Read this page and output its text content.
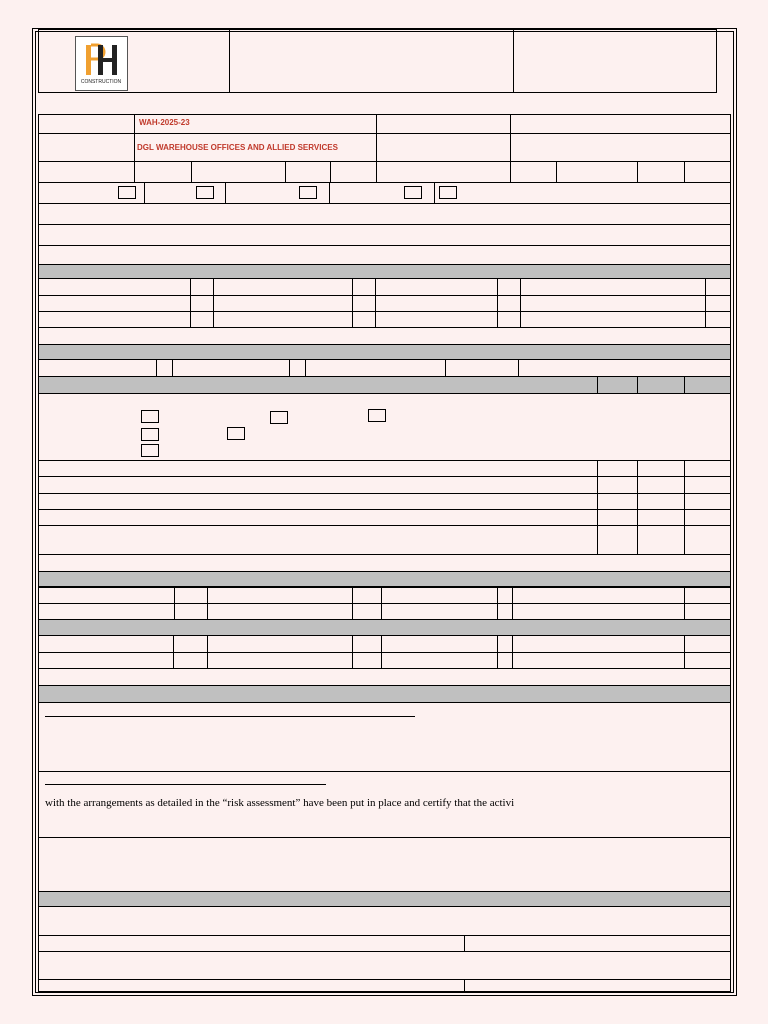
CONSTRUCTION
WAH-2025-23
DGL WAREHOUSE OFFICES AND ALLIED SERVICES
with the arrangements as detailed in the “risk assessment” have been put in place and certify that the activi
